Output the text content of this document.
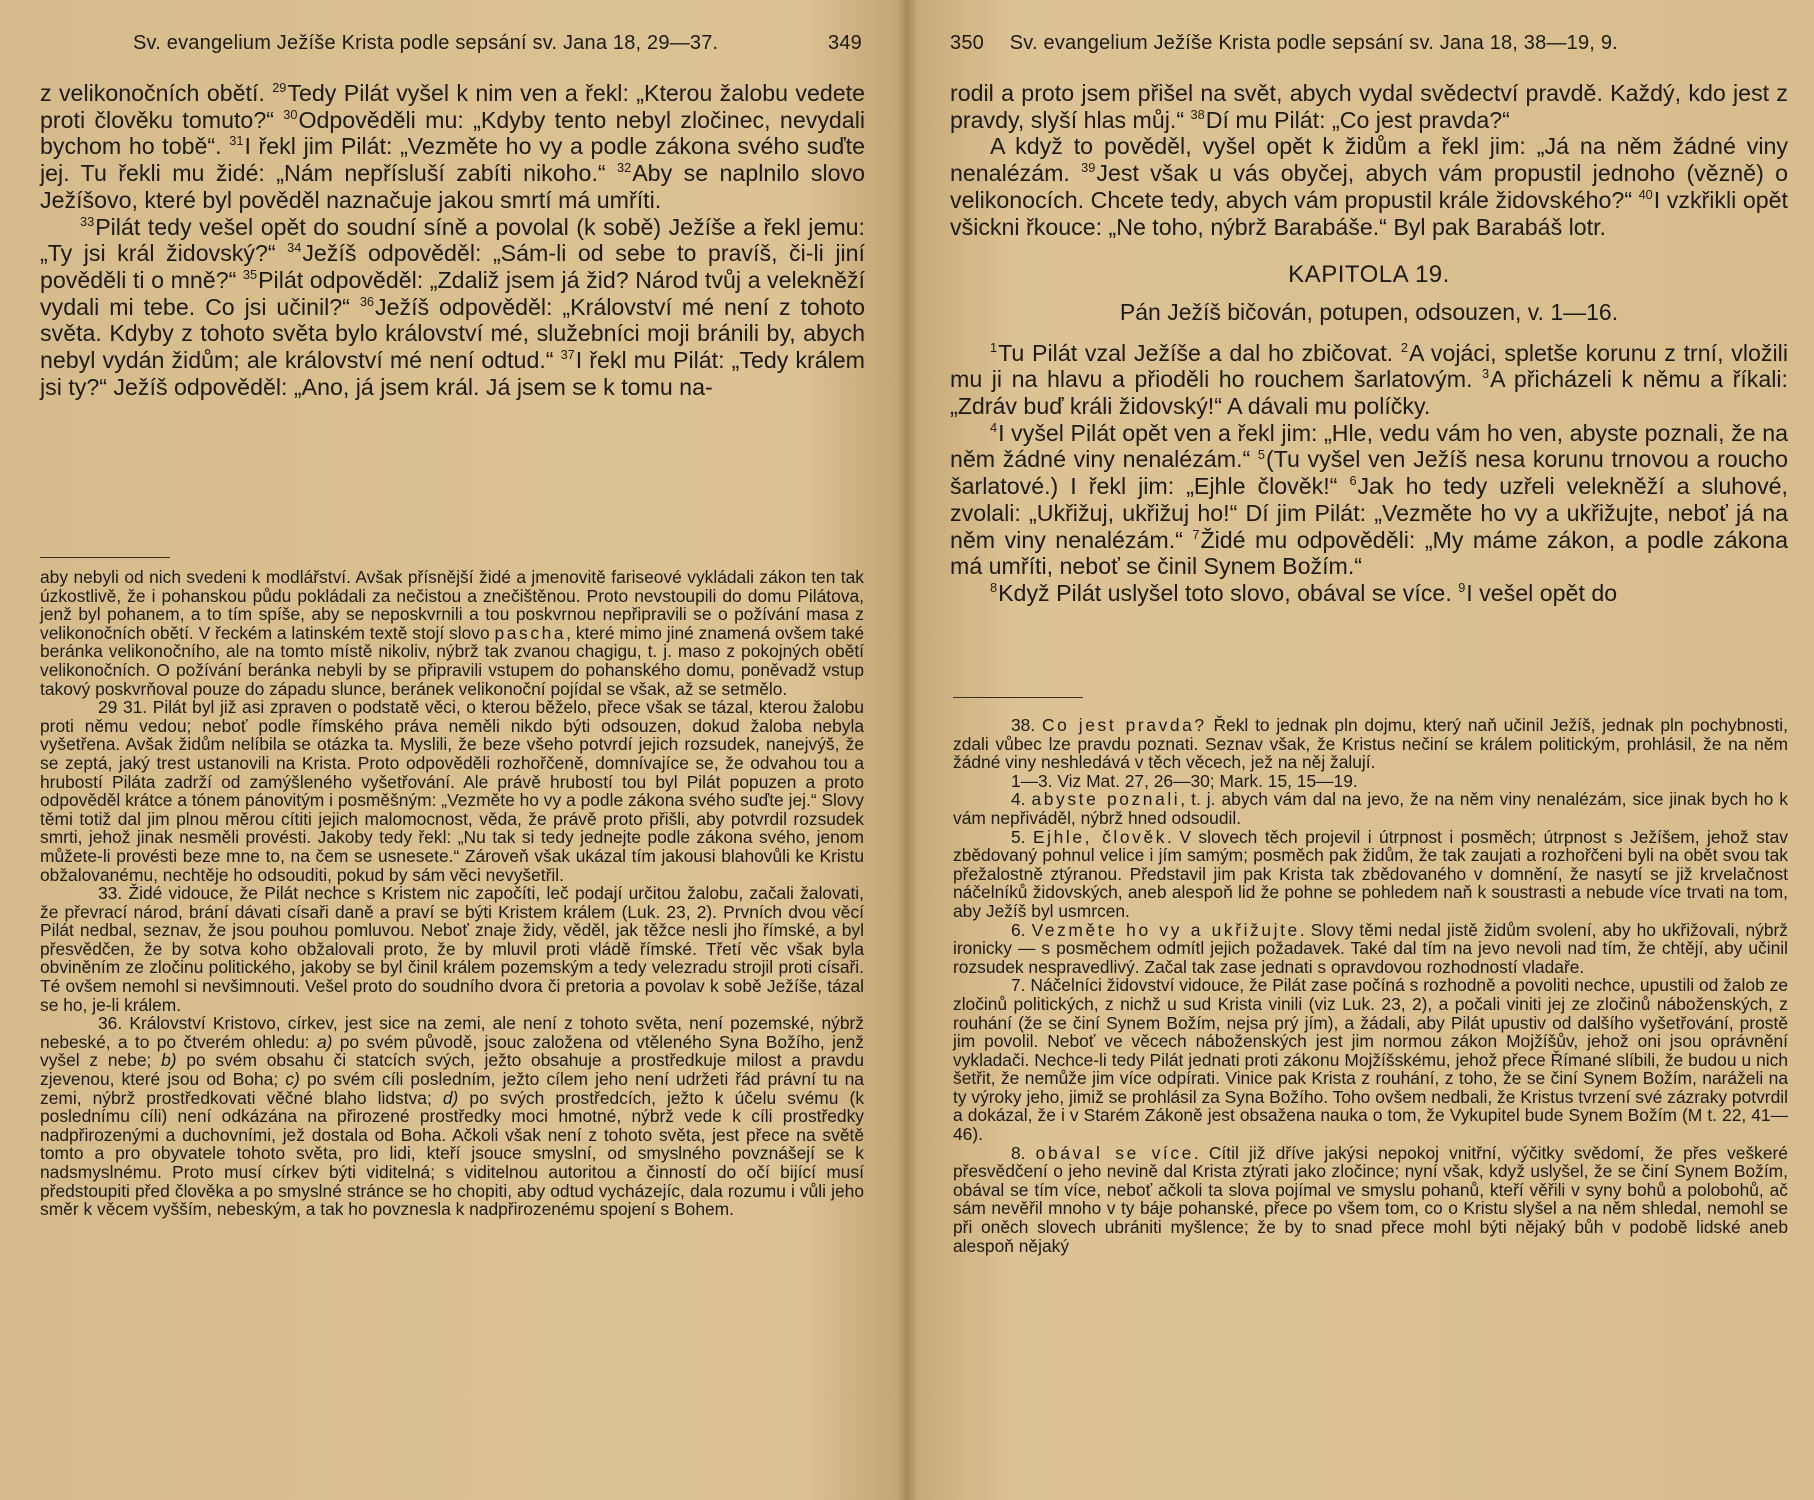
Sv. evangelium Ježíše Krista podle sepsání sv. Jana 18, 29—37.	349

z velikonočních obětí. $^{29}$Tedy Pilát vyšel k nim ven a řekl: „Kterou žalobu vedete proti člověku tomuto?“ $^{30}$Odpověděli mu: „Kdyby tento nebyl zločinec, nevydali bychom ho tobě“. $^{31}$I řekl jim Pilát: „Vezměte ho vy a podle zákona svého suďte jej. Tu řekli mu židé: „Nám nepřísluší zabíti nikoho.“ $^{32}$Aby se naplnilo slovo Ježíšovo, které byl pověděl naznačuje jakou smrtí má umříti.

$^{33}$Pilát tedy vešel opět do soudní síně a povolal (k sobě) Ježíše a řekl jemu: „Ty jsi král židovský?“ $^{34}$Ježíš odpověděl: „Sám-li od sebe to pravíš, či-li jiní pověděli ti o mně?“ $^{35}$Pilát odpověděl: „Zdaliž jsem já žid? Národ tvůj a velekněží vydali mi tebe. Co jsi učinil?“ $^{36}$Ježíš odpověděl: „Království mé není z tohoto světa. Kdyby z tohoto světa bylo království mé, služebníci moji bránili by, abych nebyl vydán židům; ale království mé není odtud.“ $^{37}$I řekl mu Pilát: „Tedy králem jsi ty?“ Ježíš odpověděl: „Ano, já jsem král. Já jsem se k tomu na-

aby nebyli od nich svedeni k modlářství. Avšak přísnější židé a jmenovitě fariseové vykládali zákon ten tak úzkostlivě, že i pohanskou půdu pokládali za nečistou a znečištěnou. Proto nevstoupili do domu Pilátova, jenž byl pohanem, a to tím spíše, aby se neposkvrnili a tou poskvrnou nepřipravili se o požívání masa z velikonočních obětí. V řeckém a latinském textě stojí slovo pascha, které mimo jiné znamená ovšem také beránka velikonočního, ale na tomto místě nikoliv, nýbrž tak zvanou chagigu, t. j. maso z pokojných obětí velikonočních. O požívání beránka nebyli by se připravili vstupem do pohanského domu, poněvadž vstup takový poskvrňoval pouze do západu slunce, beránek velikonoční pojídal se však, až se setmělo.

29 31. Pilát byl již asi zpraven o podstatě věci, o kterou běželo, přece však se tázal, kterou žalobu proti němu vedou; neboť podle římského práva neměli nikdo býti odsouzen, dokud žaloba nebyla vyšetřena. Avšak židům nelíbila se otázka ta. Myslili, že beze všeho potvrdí jejich rozsudek, nanejvýš, že se zeptá, jaký trest ustanovili na Krista. Proto odpověděli rozhořčeně, domnívajíce se, že odvahou tou a hrubostí Piláta zadrží od zamýšleného vyšetřování. Ale právě hrubostí tou byl Pilát popuzen a proto odpověděl krátce a tónem pánovitým i posměšným: „Vezměte ho vy a podle zákona svého suďte jej.“ Slovy těmi totiž dal jim plnou měrou cítiti jejich malomocnost, věda, že právě proto přišli, aby potvrdil rozsudek smrti, jehož jinak nesměli provésti. Jakoby tedy řekl: „Nu tak si tedy jednejte podle zákona svého, jenom můžete-li provésti beze mne to, na čem se usnesete.“ Zároveň však ukázal tím jakousi blahovůli ke Kristu obžalovanému, nechtěje ho odsouditi, pokud by sám věci nevyšetřil.

33. Židé vidouce, že Pilát nechce s Kristem nic započíti, leč podají určitou žalobu, začali žalovati, že převrací národ, brání dávati císaři daně a praví se býti Kristem králem (Luk. 23, 2). Prvních dvou věcí Pilát nedbal, seznav, že jsou pouhou pomluvou. Neboť znaje židy, věděl, jak těžce nesli jho římské, a byl přesvědčen, že by sotva koho obžalovali proto, že by mluvil proti vládě římské. Třetí věc však byla obviněním ze zločinu politického, jakoby se byl činil králem pozemským a tedy velezradu strojil proti císaři. Té ovšem nemohl si nevšimnouti. Vešel proto do soudního dvora či pretoria a povolav k sobě Ježíše, tázal se ho, je-li králem.

36. Království Kristovo, církev, jest sice na zemi, ale není z tohoto světa, není pozemské, nýbrž nebeské, a to po čtverém ohledu: a) po svém původě, jsouc založena od vtěleného Syna Božího, jenž vyšel z nebe; b) po svém obsahu či statcích svých, ježto obsahuje a prostředkuje milost a pravdu zjevenou, které jsou od Boha; c) po svém cíli posledním, ježto cílem jeho není udržeti řád právní tu na zemi, nýbrž prostředkovati věčné blaho lidstva; d) po svých prostředcích, ježto k účelu svému (k poslednímu cíli) není odkázána na přirozené prostředky moci hmotné, nýbrž vede k cíli prostředky nadpřirozenými a duchovními, jež dostala od Boha. Ačkoli však není z tohoto světa, jest přece na světě tomto a pro obyvatele tohoto světa, pro lidi, kteří jsouce smyslní, od smyslného povznášejí se k nadsmyslnému. Proto musí církev býti viditelná; s viditelnou autoritou a činností do očí bijící musí předstoupiti před člověka a po smyslné stránce se ho chopiti, aby odtud vycházejíc, dala rozumu i vůli jeho směr k věcem vyšším, nebeským, a tak ho povznesla k nadpřirozenému spojení s Bohem.

350 Sv. evangelium Ježíše Krista podle sepsání sv. Jana 18, 38—19, 9.

rodil a proto jsem přišel na svět, abych vydal svědectví pravdě. Každý, kdo jest z pravdy, slyší hlas můj.“ $^{38}$Dí mu Pilát: „Co jest pravda?“

A když to pověděl, vyšel opět k židům a řekl jim: „Já na něm žádné viny nenalézám. $^{39}$Jest však u vás obyčej, abych vám propustil jednoho (vězně) o velikonocích. Chcete tedy, abych vám propustil krále židovského?“ $^{40}$I vzkřikli opět všickni řkouce: „Ne toho, nýbrž Barabáše.“ Byl pak Barabáš lotr.

KAPITOLA 19.
Pán Ježíš bičován, potupen, odsouzen, v. 1—16.

$^1$Tu Pilát vzal Ježíše a dal ho zbičovat. $^2$A vojáci, spletše korunu z trní, vložili mu ji na hlavu a přioděli ho rouchem šarlatovým. $^3$A přicházeli k němu a říkali: „Zdráv buď králi židovský!“ A dávali mu políčky.

$^4$I vyšel Pilát opět ven a řekl jim: „Hle, vedu vám ho ven, abyste poznali, že na něm žádné viny nenalézám.“ $^5$(Tu vyšel ven Ježíš nesa korunu trnovou a roucho šarlatové.) I řekl jim: „Ejhle člověk!“ $^6$Jak ho tedy uzřeli velekněží a sluhové, zvolali: „Ukřižuj, ukřižuj ho!“ Dí jim Pilát: „Vezměte ho vy a ukřižujte, neboť já na něm viny nenalézám.“ $^7$Židé mu odpověděli: „My máme zákon, a podle zákona má umříti, neboť se činil Synem Božím.“

$^8$Když Pilát uslyšel toto slovo, obával se více. $^9$I vešel opět do

38. Co jest pravda? Řekl to jednak pln dojmu, který naň učinil Ježíš, jednak pln pochybnosti, zdali vůbec lze pravdu poznati. Seznav však, že Kristus nečiní se králem politickým, prohlásil, že na něm žádné viny neshledává v těch věcech, jež na něj žalují.

1—3. Viz Mat. 27, 26—30; Mark. 15, 15—19.

4. abyste poznali, t. j. abych vám dal na jevo, že na něm viny nenalézám, sice jinak bych ho k vám nepřiváděl, nýbrž hned odsoudil.

5. Ejhle, člověk. V slovech těch projevil i útrpnost i posměch; útrpnost s Ježíšem, jehož stav zbědovaný pohnul velice i jím samým; posměch pak židům, že tak zaujati a rozhořčeni byli na obět svou tak přežalostně ztýranou. Představil jim pak Krista tak zbědovaného v domnění, že nasytí se již krvelačnost náčelníků židovských, aneb alespoň lid že pohne se pohledem naň k soustrasti a nebude více trvati na tom, aby Ježíš byl usmrcen.

6. Vezměte ho vy a ukřižujte. Slovy těmi nedal jistě židům svolení, aby ho ukřižovali, nýbrž ironicky — s posměchem odmítl jejich požadavek. Také dal tím na jevo nevoli nad tím, že chtějí, aby učinil rozsudek nespravedlivý. Začal tak zase jednati s opravdovou rozhodností vladaře.

7. Náčelníci židovství vidouce, že Pilát zase počíná s rozhodně a povoliti nechce, upustili od žalob ze zločinů politických, z nichž u sud Krista vinili (viz Luk. 23, 2), a počali viniti jej ze zločinů náboženských, z rouhání (že se činí Synem Božím, nejsa prý jím), a žádali, aby Pilát upustiv od dalšího vyšetřování, prostě jim povolil. Neboť ve věcech náboženských jest jim normou zákon Mojžíšův, jehož oni jsou oprávnění vykladači. Nechce-li tedy Pilát jednati proti zákonu Mojžíšskému, jehož přece Římané slíbili, že budou u nich šetřit, že nemůže jim více odpírati. Vinice pak Krista z rouhání, z toho, že se činí Synem Božím, naráželi na ty výroky jeho, jimiž se prohlásil za Syna Božího. Toho ovšem nedbali, že Kristus tvrzení své zázraky potvrdil a dokázal, že i v Starém Zákoně jest obsažena nauka o tom, že Vykupitel bude Synem Božím (M t. 22, 41—46).

8. obával se více. Cítil již dříve jakýsi nepokoj vnitřní, výčitky svědomí, že přes veškeré přesvědčení o jeho nevině dal Krista ztýrati jako zločince; nyní však, když uslyšel, že se činí Synem Božím, obával se tím více, neboť ačkoli ta slova pojímal ve smyslu pohanů, kteří věřili v syny bohů a polobohů, ač sám nevěřil mnoho v ty báje pohanské, přece po všem tom, co o Kristu slyšel a na něm shledal, nemohl se při oněch slovech ubrániti myšlence; že by to snad přece mohl býti nějaký bůh v podobě lidské aneb alespoň nějaký
